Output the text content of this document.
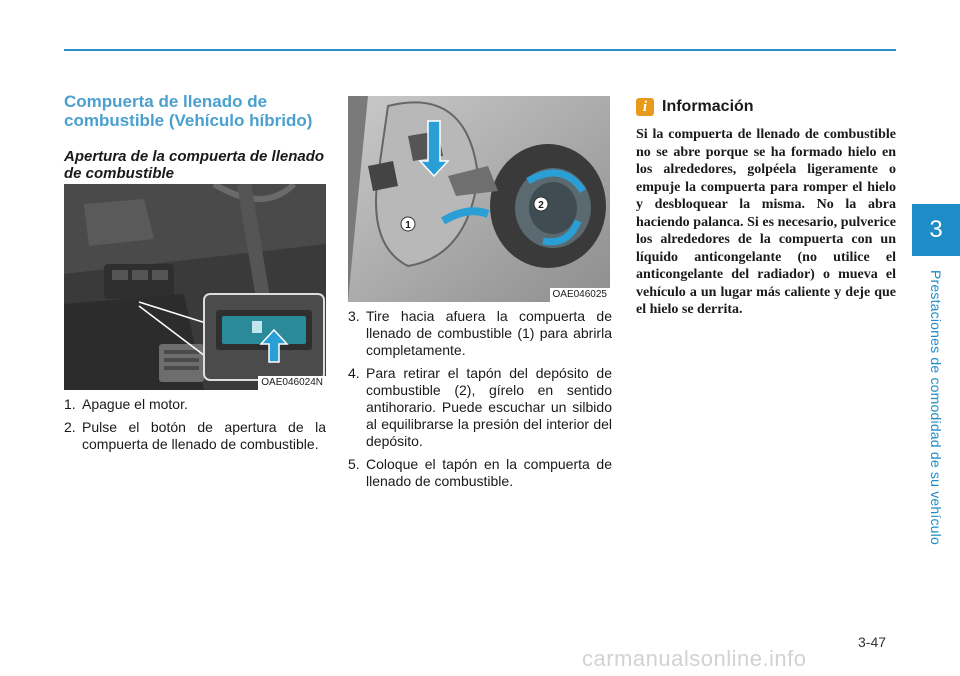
3
Prestaciones de comodidad de su vehículo
Compuerta de llenado de combustible (Vehículo híbrido)
Apertura de la compuerta de llenado de combustible
OAE046024N
1. Apague el motor.
2. Pulse el botón de apertura de la compuerta de llenado de combustible.
1
2
OAE046025
3. Tire hacia afuera la compuerta de llenado de combustible (1) para abrirla completamente.
4. Para retirar el tapón del depósito de combustible (2), gírelo en sentido antihorario. Puede escuchar un silbido al equilibrarse la presión del interior del depósito.
5. Coloque el tapón en la compuerta de llenado de combustible.
i Información
Si la compuerta de llenado de combustible no se abre porque se ha formado hielo en los alrededores, golpéela ligeramente o empuje la compuerta para romper el hielo y desbloquear la misma. No la abra haciendo palanca. Si es necesario, pulverice los alrededores de la compuerta con un líquido anticongelante (no utilice el anticongelante del radiador) o mueva el vehículo a un lugar más caliente y deje que el hielo se derrita.
3-47
carmanualsonline.info
